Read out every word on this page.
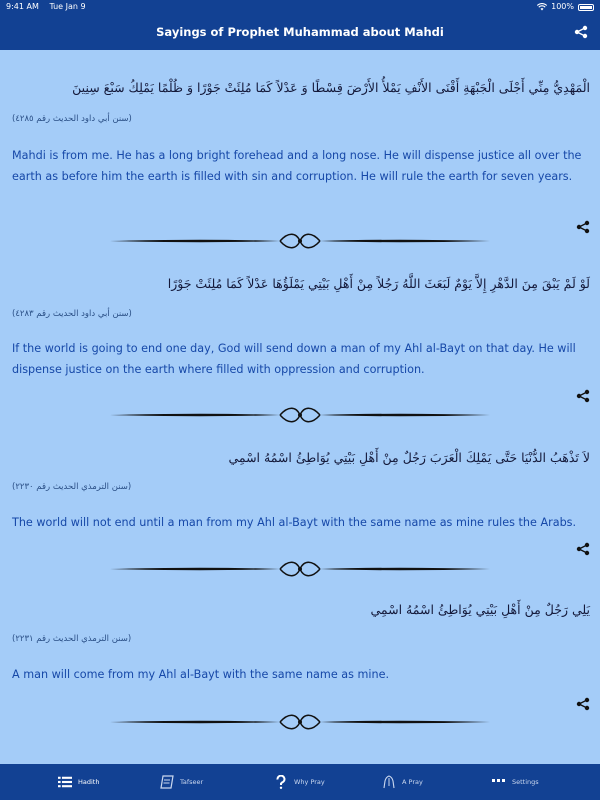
9:41 AM Tue Jan 9	100%
Sayings of Prophet Muhammad about Mahdi
الْمَهْدِيُّ مِنِّي أَجْلَى الْجَبْهَةِ أَقْنَى الأَنْفِ يَمْلأُ الأَرْضَ قِسْطًا وَ عَدْلاً كَمَا مُلِئَتْ جَوْرًا وَ ظُلْمًا يَمْلِكُ سَبْعَ سِنِينَ
(سنن أبي داود الحديث رقم ٤٢٨٥)
Mahdi is from me. He has a long bright forehead and a long nose. He will dispense justice all over the earth as before him the earth is filled with sin and corruption. He will rule the earth for seven years.
لَوْ لَمْ يَبْقَ مِنَ الدَّهْرِ إِلاَّ يَوْمٌ لَبَعَثَ اللَّهُ رَجُلاً مِنْ أَهْلِ بَيْتِي يَمْلَؤُهَا عَدْلاً كَمَا مُلِئَتْ جَوْرًا
(سنن أبي داود الحديث رقم ٤٢٨٣)
If the world is going to end one day, God will send down a man of my Ahl al-Bayt on that day. He will dispense justice on the earth where filled with oppression and corruption.
لاَ تَذْهَبُ الدُّنْيَا حَتَّى يَمْلِكَ الْعَرَبَ رَجُلٌ مِنْ أَهْلِ بَيْتِي يُوَاطِئُ اسْمُهُ اسْمِي
(سنن الترمذي الحديث رقم ٢٢٣٠)
The world will not end until a man from my Ahl al-Bayt with the same name as mine rules the Arabs.
يَلِي رَجُلٌ مِنْ أَهْلِ بَيْتِي يُوَاطِئُ اسْمُهُ اسْمِي
(سنن الترمذي الحديث رقم ٢٢٣١)
A man will come from my Ahl al-Bayt with the same name as mine.
Hadith	Tafseer	Why Pray	A Pray	Settings
